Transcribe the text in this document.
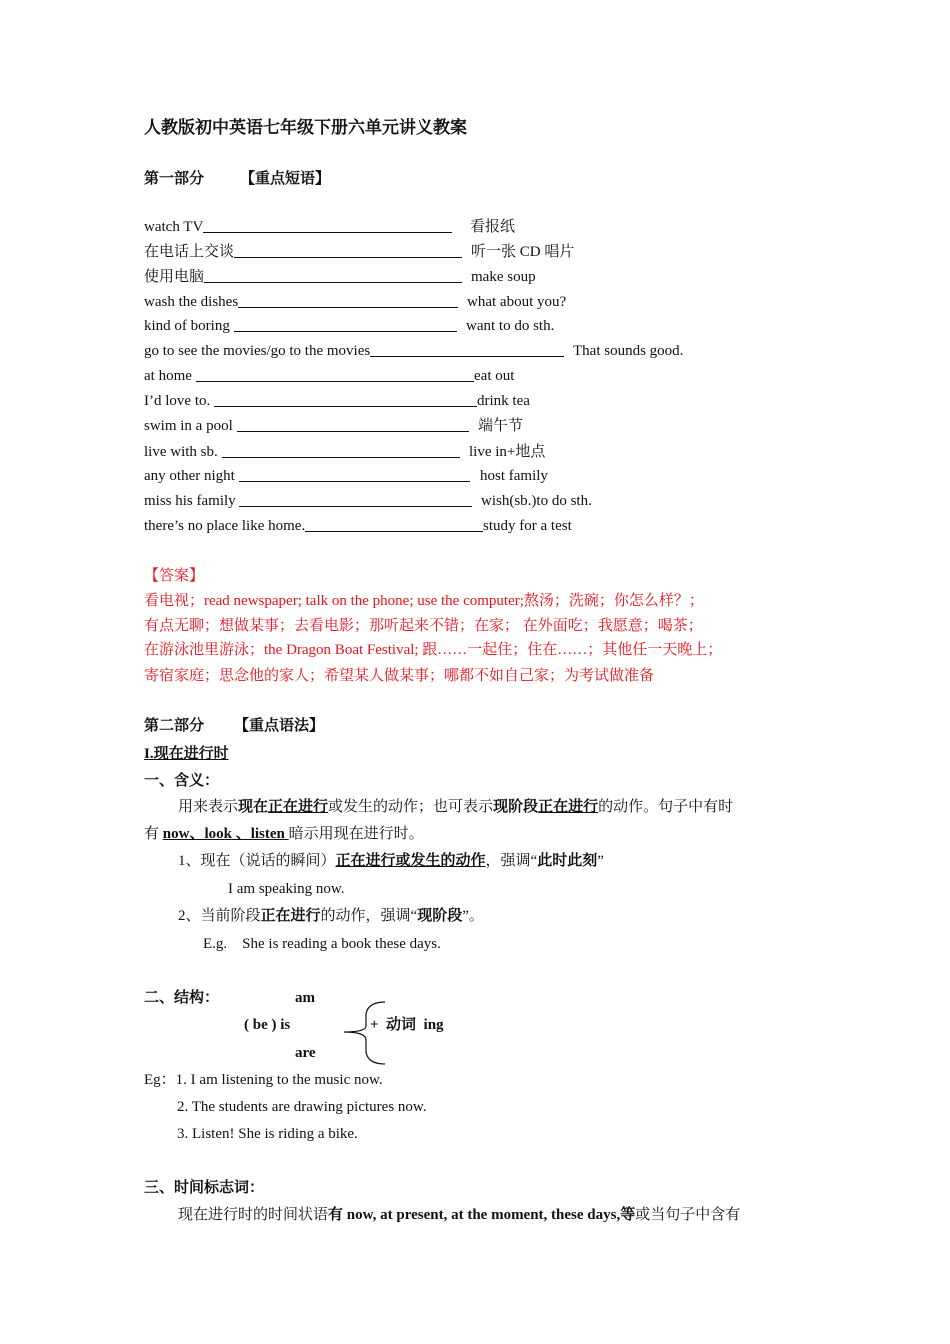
人教版初中英语七年级下册六单元讲义教案
第一部分 【重点短语】
watch TV	看报纸
在电话上交谈	听一张 CD 唱片
使用电脑	make soup
wash the dishes	what about you?
kind of boring	want to do sth.
go to see the movies/go to the movies	That sounds good.
at home	eat out
I’d love to.	drink tea
swim in a pool	端午节
live with sb.	live in+地点
any other night	host family
miss his family	wish(sb.)to do sth.
there’s no place like home.	study for a test
【答案】
看电视；read newspaper; talk on the phone; use the computer;熬汤；洗碗；你怎么样？；
有点无聊；想做某事；去看电影；那听起来不错；在家； 在外面吃；我愿意；喝茶；
在游泳池里游泳；the Dragon Boat Festival; 跟……一起住；住在……；其他任一天晚上；
寄宿家庭；思念他的家人；希望某人做某事；哪都不如自己家；为考试做准备
第二部分 【重点语法】
I.现在进行时
一、含义：
用来表示现在正在进行或发生的动作；也可表示现阶段正在进行的动作。句子中有时
有 now、look 、listen 暗示用现在进行时。
1、现在（说话的瞬间）正在进行或发生的动作，强调“此时此刻”
I am speaking now.
2、当前阶段正在进行的动作，强调“现阶段”。
E.g.    She is reading a book these days.
二、结构：	am
( be ) is
are
+  动词  ing
Eg：1. I am listening to the music now.
2. The students are drawing pictures now.
3. Listen! She is riding a bike.
三、时间标志词：
现在进行时的时间状语有 now, at present, at the moment, these days,等或当句子中含有
